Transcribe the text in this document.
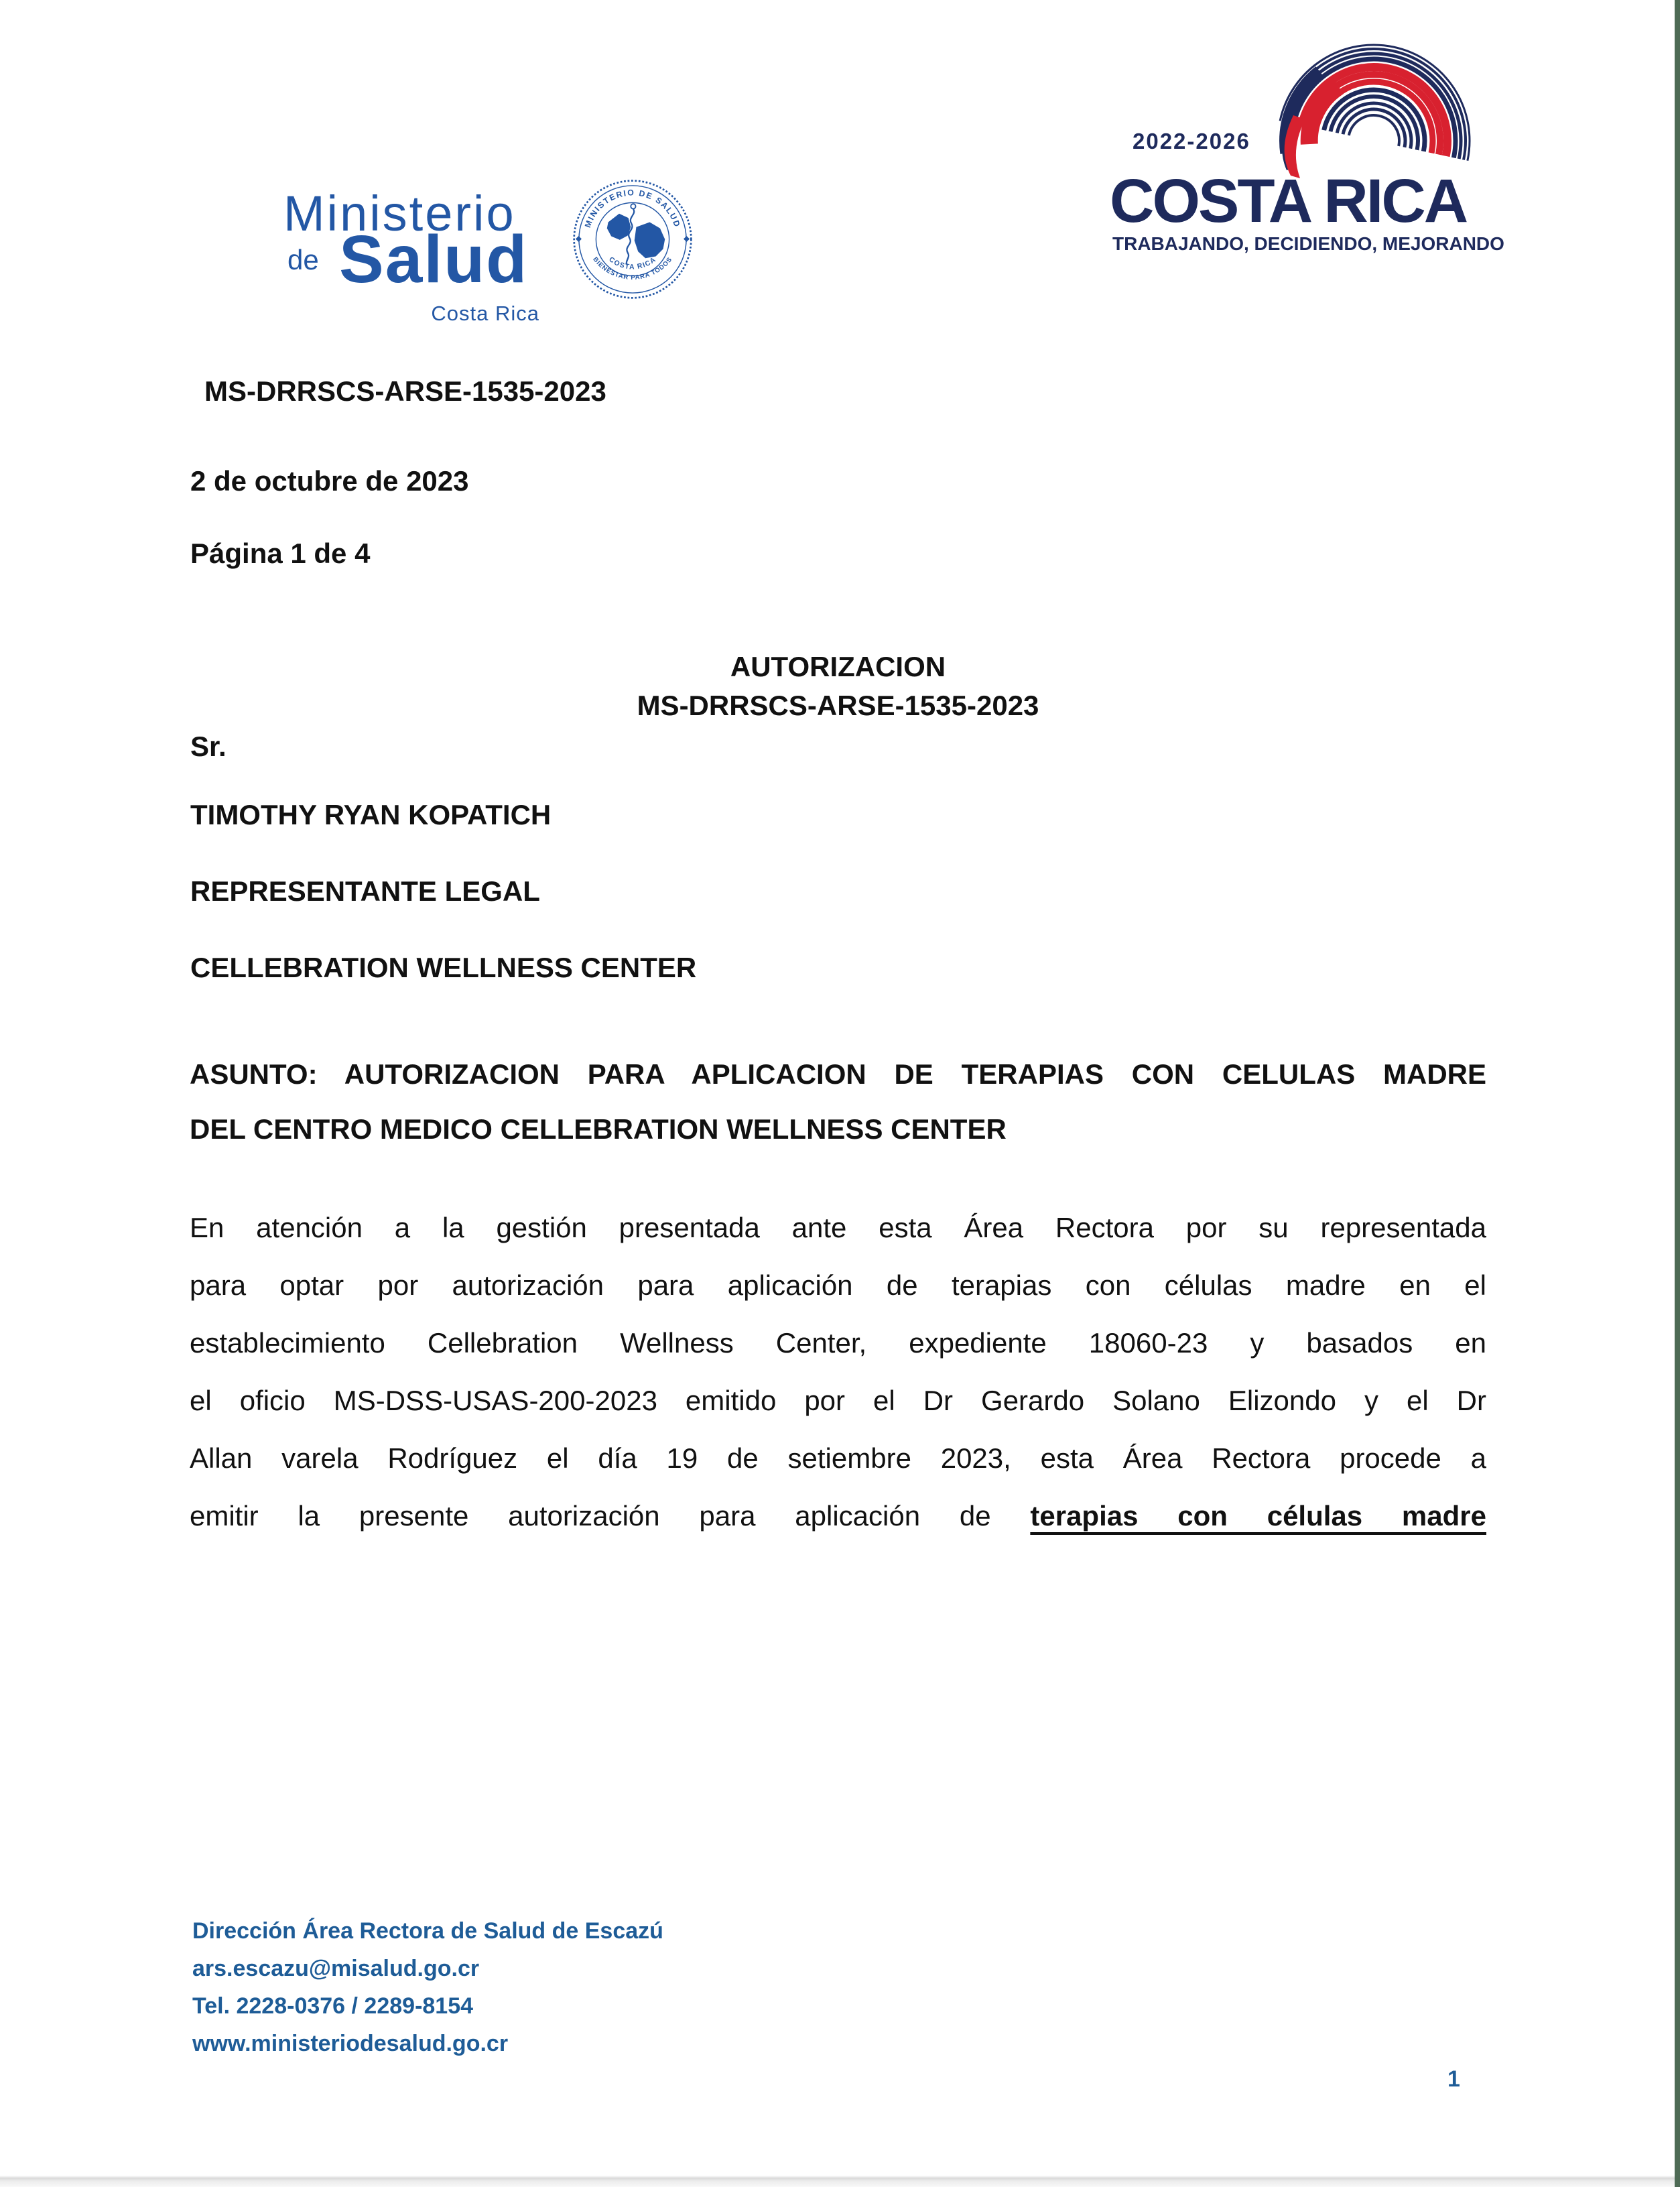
Ministerio
de Salud
Costa Rica
MINISTERIO DE SALUD
COSTA RICA
BIENESTAR PARA TODOS
2022-2026
COSTA RICA
TRABAJANDO, DECIDIENDO, MEJORANDO
MS-DRRSCS-ARSE-1535-2023
2 de octubre de 2023
Página 1 de 4
AUTORIZACION
MS-DRRSCS-ARSE-1535-2023
Sr.
TIMOTHY RYAN KOPATICH
REPRESENTANTE LEGAL
CELLEBRATION WELLNESS CENTER
ASUNTO: AUTORIZACION PARA APLICACION DE TERAPIAS CON CELULAS MADRE
DEL CENTRO MEDICO CELLEBRATION WELLNESS CENTER
En atención a la gestión presentada ante esta Área Rectora por su representada
para optar por autorización para aplicación de terapias con células madre en el
establecimiento Cellebration Wellness Center, expediente 18060-23 y basados en
el oficio MS-DSS-USAS-200-2023 emitido por el Dr Gerardo Solano Elizondo y el Dr
Allan varela Rodríguez el día 19 de setiembre 2023, esta Área Rectora procede a
emitir la presente autorización para aplicación de terapias con células madre
Dirección Área Rectora de Salud de Escazú
ars.escazu@misalud.go.cr
Tel. 2228-0376 / 2289-8154
www.ministeriodesalud.go.cr
1
